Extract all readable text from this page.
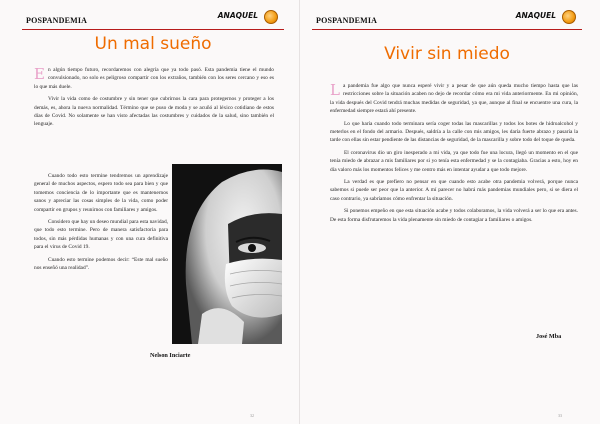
POSPANDEMIA
ANAQUEL
Un mal sueño

En algún tiempo futuro, recordaremos con alegría que ya todo pasó. Esta pandemia tiene el mundo convulsionado, no solo es peligroso compartir con los extraños, también con los seres cercano y eso es lo que más duele.

Vivir la vida como de costumbre y sin tener que cubrirnos la cara para protegernos y proteger a los demás, es, ahora la nueva normalidad. Término que se puso de moda y se acuñó al léxico cotidiano de estos días de Covid. No solamente se han visto afectadas las costumbres y cuidados de la salud, sino también el lenguaje.

Cuando todo esto termine tendremos un aprendizaje general de muchos aspectos, espero todo sea para bien y que tomemos conciencia de lo importante que es mantenernos sanos y apreciar las cosas simples de la vida, como poder compartir en grupos y reunirnos con familiares y amigos.

Considero que hay un deseo mundial para esta navidad, que todo esto termine. Pero de manera satisfactoria para todos, sin más pérdidas humanas y con una cura definitiva para el virus de Covid 19.

Cuando esto termine podemos decir: “Este mal sueño nos enseñó una realidad”.

Nelson Inciarte
32
POSPANDEMIA
ANAQUEL
Vivir sin miedo

La pandemia fue algo que nunca esperé vivir y a pesar de que aún queda mucho tiempo hasta que las restricciones sobre la situación acaben no dejo de recordar cómo era mi vida anteriormente. En mi opinión, la vida después del Covid tendrá muchas medidas de seguridad, ya que, aunque al final se encuentre una cura, la enfermedad siempre estará ahí presente.

Lo que haría cuando todo terminara sería coger todas las mascarillas y todos los botes de hidroalcohol y meterlos en el fondo del armario. Después, saldría a la calle con mis amigos, les daría fuerte abrazo y pasaría la tarde con ellas sin estar pendiente de las distancias de seguridad, de la mascarilla y sobre todo del toque de queda.

El coronavirus dio un giro inesperado a mi vida, ya que todo fue una locura, llegó un momento en el que tenía miedo de abrazar a mis familiares por si yo tenía esta enfermedad y se la contagiaba. Gracias a esto, hoy en día valoro más los momentos felices y me centro más en intentar ayudar a que todo mejore.

La verdad es que prefiero no pensar en que cuando esto acabe otra pandemia volverá, porque nunca sabemos si puede ser peor que la anterior. A mí parecer no habrá más pandemias mundiales pero, si se diera el caso contrario, ya sabríamos cómo enfrentar la situación.

Si ponemos empeño en que esta situación acabe y todos colaboramos, la vida volverá a ser lo que era antes. De esta forma disfrutaremos la vida plenamente sin miedo de contagiar a familiares o amigos.

José Mba
33
